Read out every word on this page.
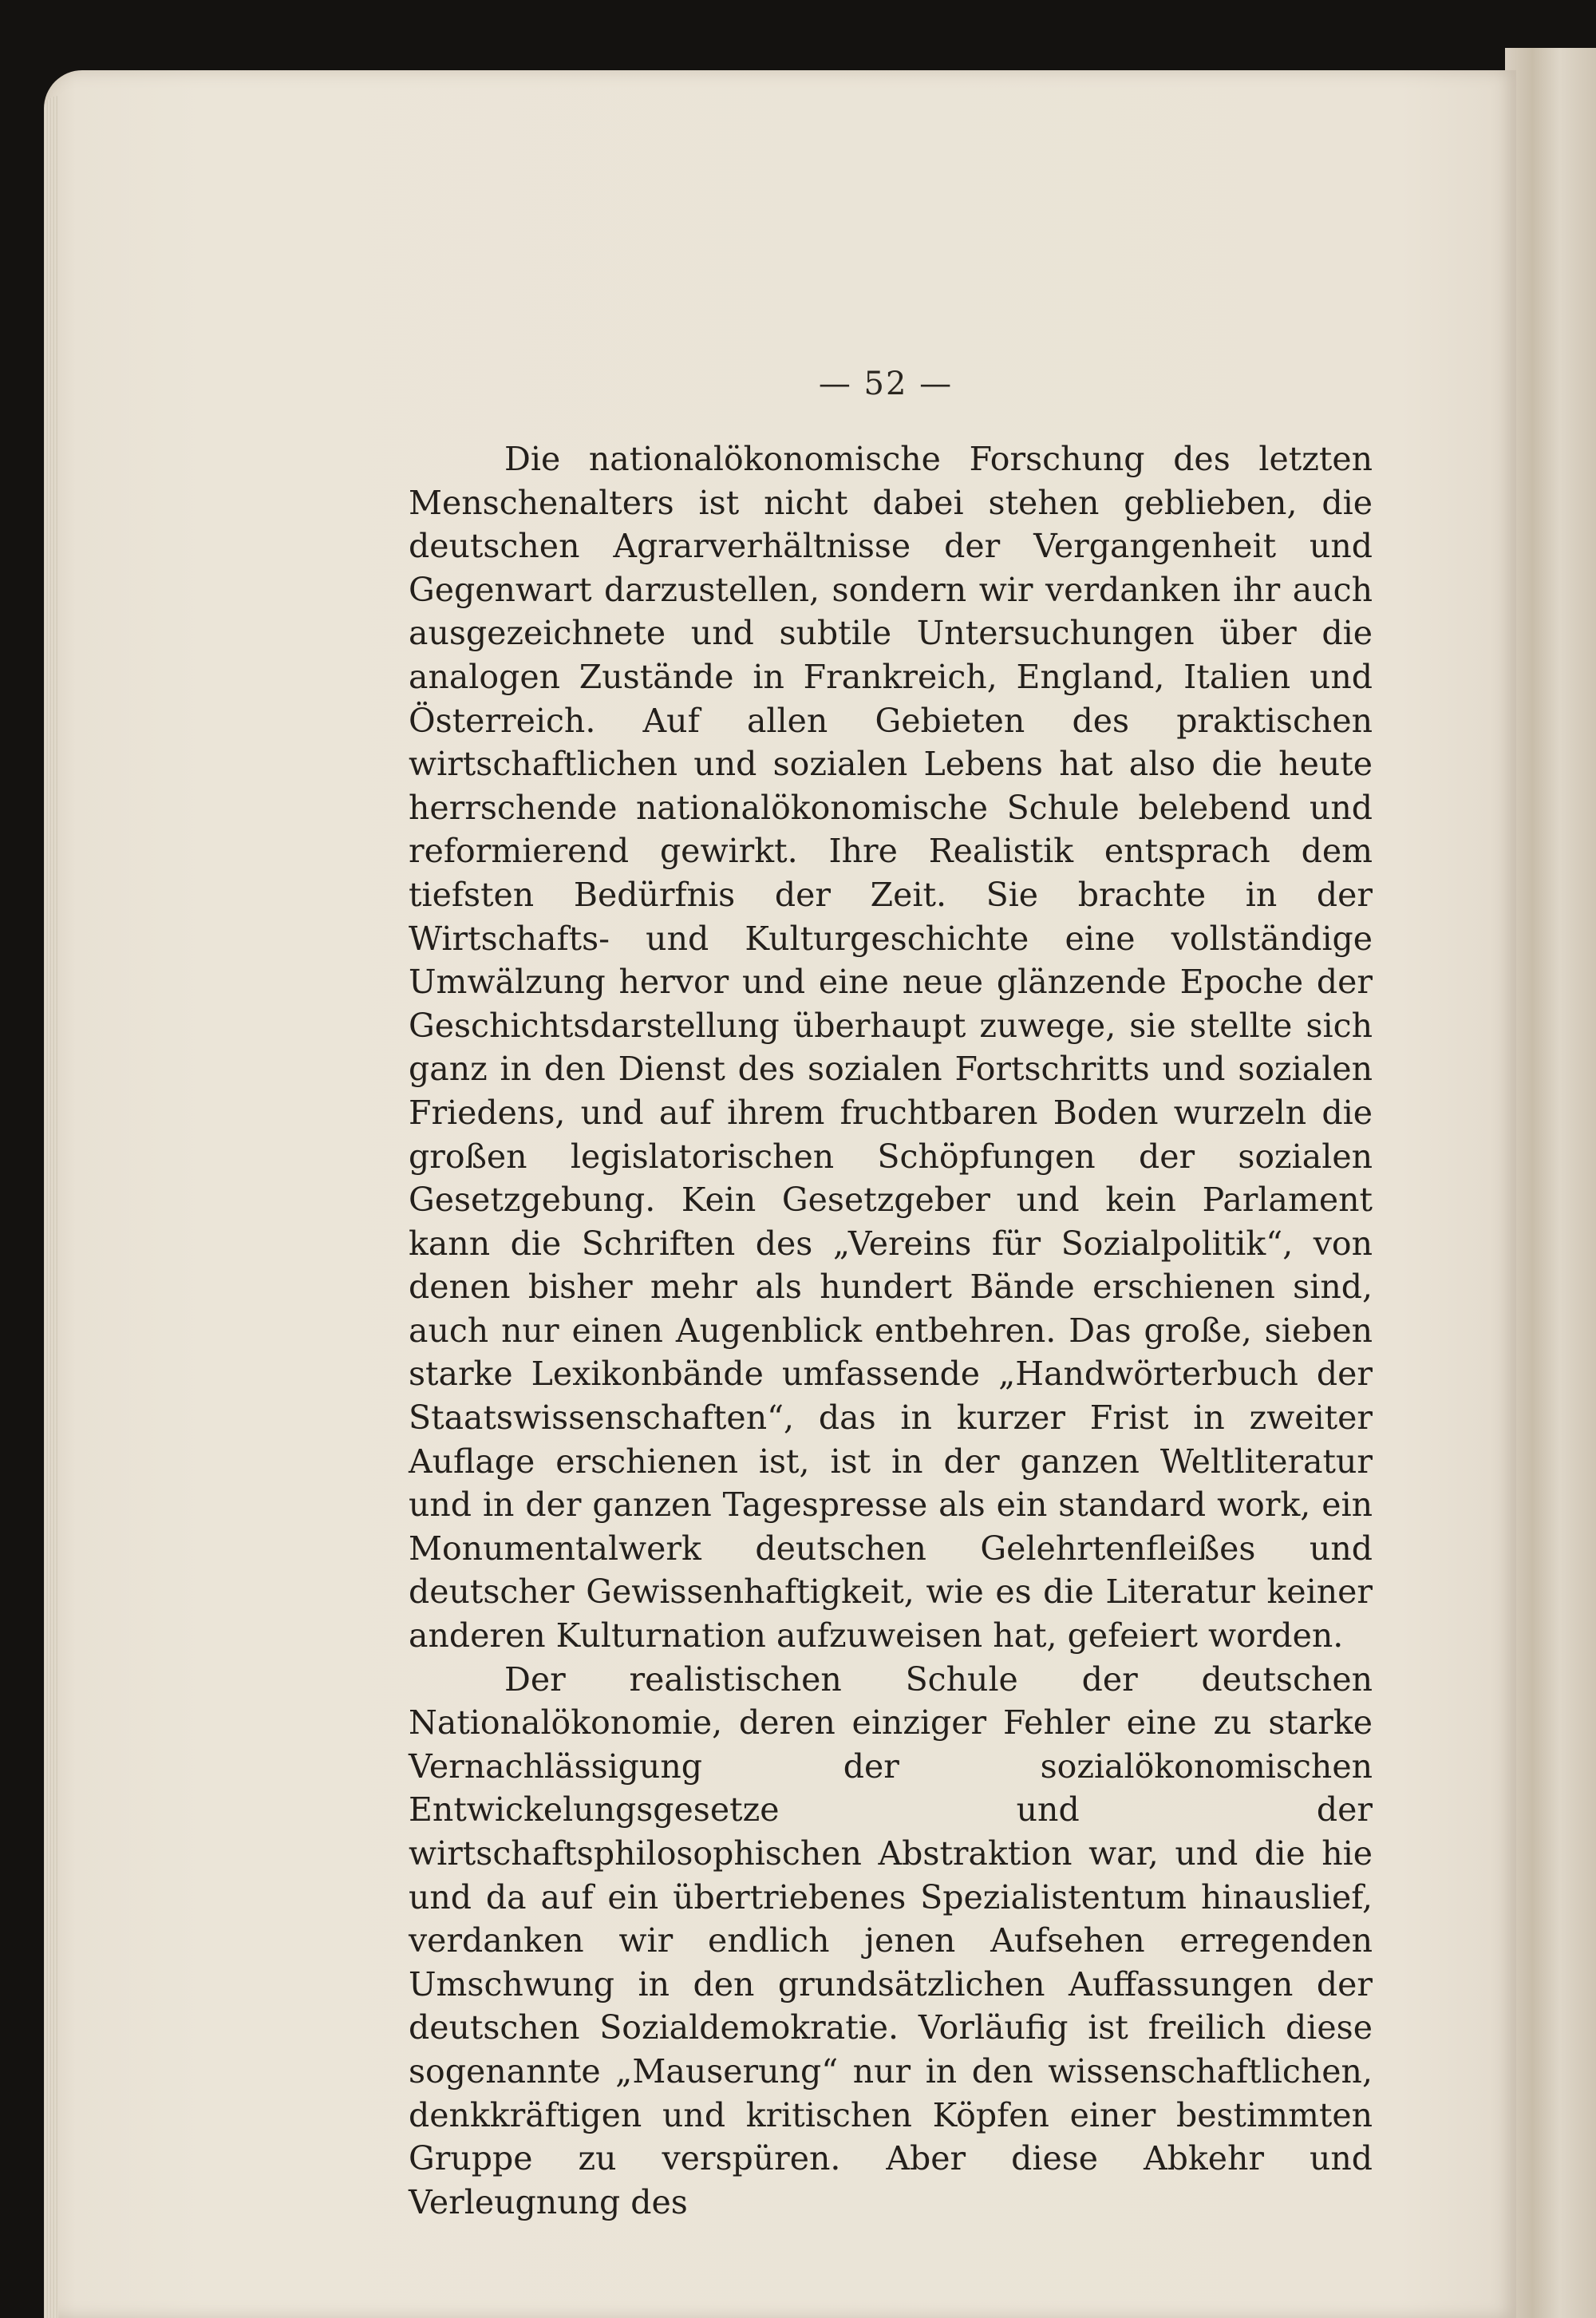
— 52 —

Die nationalökonomische Forschung des letzten Menschenalters ist nicht dabei stehen geblieben, die deutschen Agrarverhältnisse der Vergangenheit und Gegenwart darzustellen, sondern wir verdanken ihr auch ausgezeichnete und subtile Untersuchungen über die analogen Zustände in Frankreich, England, Italien und Österreich. Auf allen Gebieten des praktischen wirtschaftlichen und sozialen Lebens hat also die heute herrschende nationalökonomische Schule belebend und reformierend gewirkt. Ihre Realistik entsprach dem tiefsten Bedürfnis der Zeit. Sie brachte in der Wirtschafts- und Kulturgeschichte eine vollständige Umwälzung hervor und eine neue glänzende Epoche der Geschichtsdarstellung überhaupt zuwege, sie stellte sich ganz in den Dienst des sozialen Fortschritts und sozialen Friedens, und auf ihrem fruchtbaren Boden wurzeln die großen legislatorischen Schöpfungen der sozialen Gesetzgebung. Kein Gesetzgeber und kein Parlament kann die Schriften des „Vereins für Sozialpolitik“, von denen bisher mehr als hundert Bände erschienen sind, auch nur einen Augenblick entbehren. Das große, sieben starke Lexikonbände umfassende „Handwörterbuch der Staatswissenschaften“, das in kurzer Frist in zweiter Auflage erschienen ist, ist in der ganzen Weltliteratur und in der ganzen Tagespresse als ein standard work, ein Monumentalwerk deutschen Gelehrtenfleißes und deutscher Gewissenhaftigkeit, wie es die Literatur keiner anderen Kulturnation aufzuweisen hat, gefeiert worden.

Der realistischen Schule der deutschen Nationalökonomie, deren einziger Fehler eine zu starke Vernachlässigung der sozialökonomischen Entwickelungsgesetze und der wirtschaftsphilosophischen Abstraktion war, und die hie und da auf ein übertriebenes Spezialistentum hinauslief, verdanken wir endlich jenen Aufsehen erregenden Umschwung in den grundsätzlichen Auffassungen der deutschen Sozialdemokratie. Vorläufig ist freilich diese sogenannte „Mauserung“ nur in den wissenschaftlichen, denkkräftigen und kritischen Köpfen einer bestimmten Gruppe zu verspüren. Aber diese Abkehr und Verleugnung des
